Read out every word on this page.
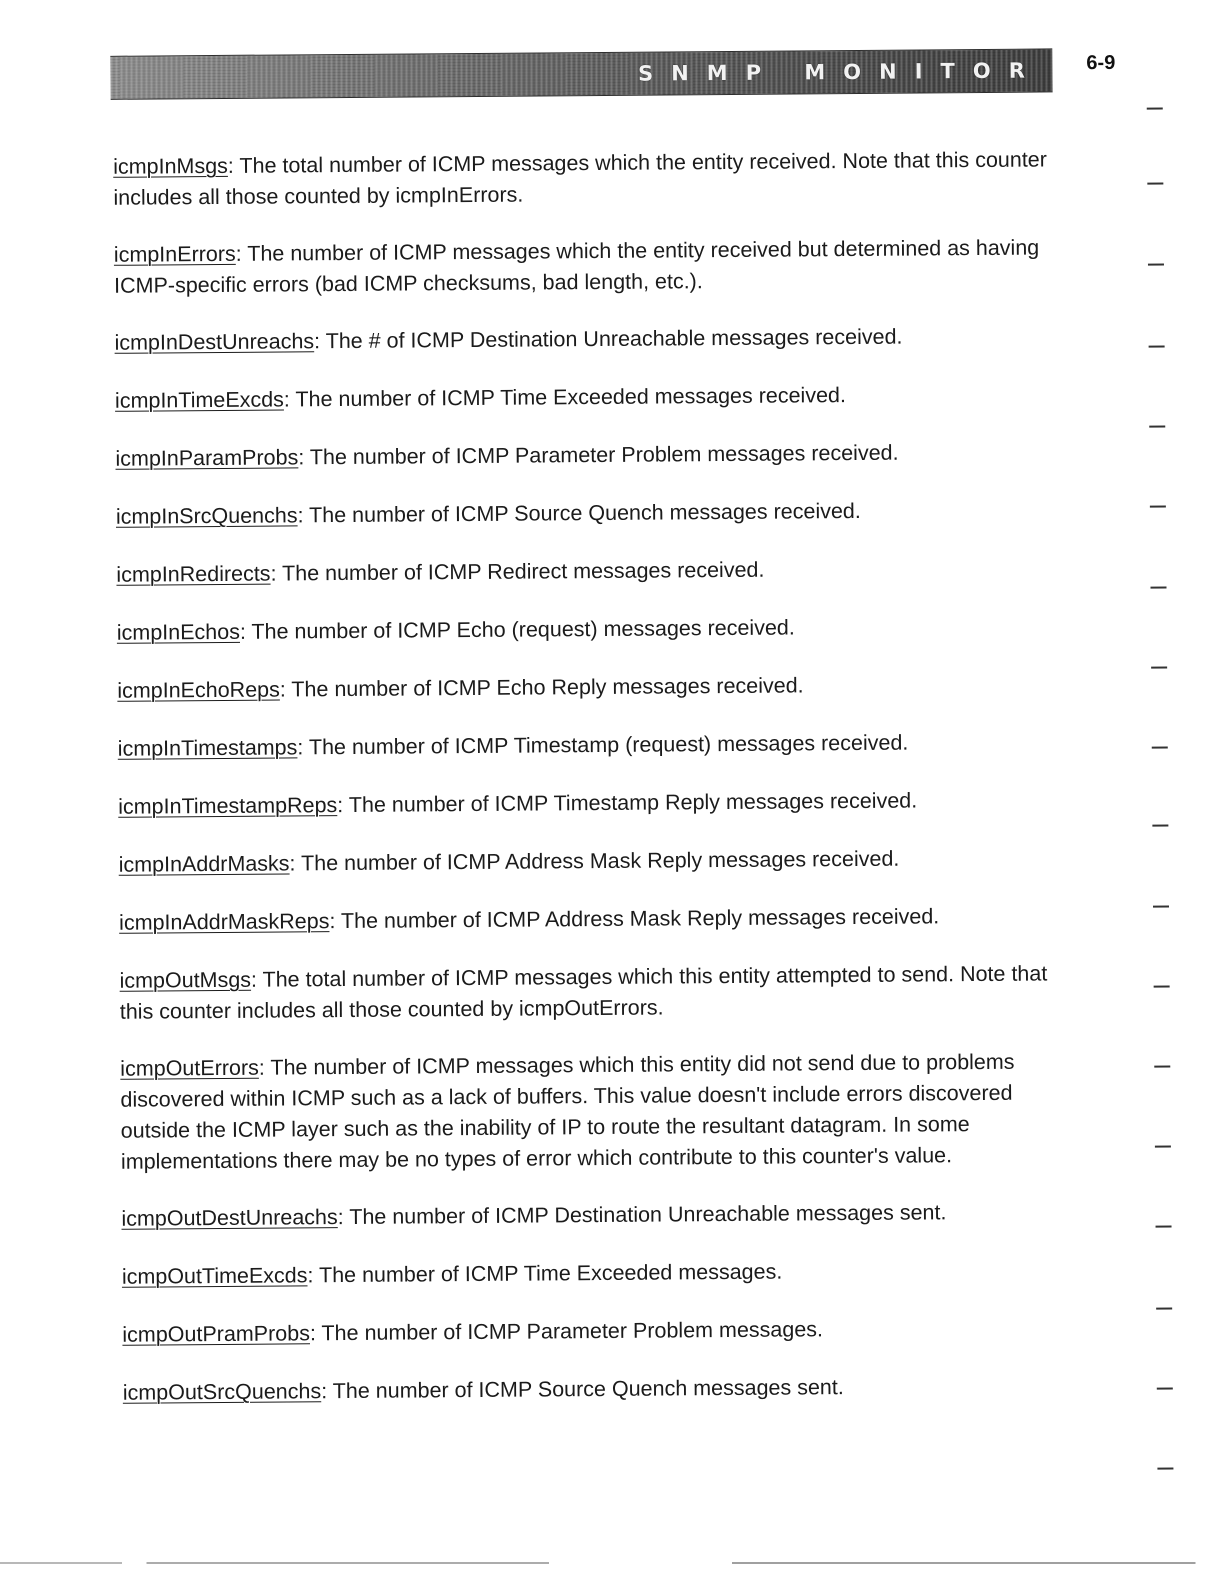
SNMP MONITOR	6-9

icmpInMsgs: The total number of ICMP messages which the entity received. Note that this counter includes all those counted by icmpInErrors.

icmpInErrors: The number of ICMP messages which the entity received but determined as having ICMP-specific errors (bad ICMP checksums, bad length, etc.).

icmpInDestUnreachs: The # of ICMP Destination Unreachable messages received.

icmpInTimeExcds: The number of ICMP Time Exceeded messages received.

icmpInParamProbs: The number of ICMP Parameter Problem messages received.

icmpInSrcQuenchs: The number of ICMP Source Quench messages received.

icmpInRedirects: The number of ICMP Redirect messages received.

icmpInEchos: The number of ICMP Echo (request) messages received.

icmpInEchoReps: The number of ICMP Echo Reply messages received.

icmpInTimestamps: The number of ICMP Timestamp (request) messages received.

icmpInTimestampReps: The number of ICMP Timestamp Reply messages received.

icmpInAddrMasks: The number of ICMP Address Mask Reply messages received.

icmpInAddrMaskReps: The number of ICMP Address Mask Reply messages received.

icmpOutMsgs: The total number of ICMP messages which this entity attempted to send. Note that this counter includes all those counted by icmpOutErrors.

icmpOutErrors: The number of ICMP messages which this entity did not send due to problems discovered within ICMP such as a lack of buffers. This value doesn't include errors discovered outside the ICMP layer such as the inability of IP to route the resultant datagram. In some implementations there may be no types of error which contribute to this counter's value.

icmpOutDestUnreachs: The number of ICMP Destination Unreachable messages sent.

icmpOutTimeExcds: The number of ICMP Time Exceeded messages.

icmpOutPramProbs: The number of ICMP Parameter Problem messages.

icmpOutSrcQuenchs: The number of ICMP Source Quench messages sent.
